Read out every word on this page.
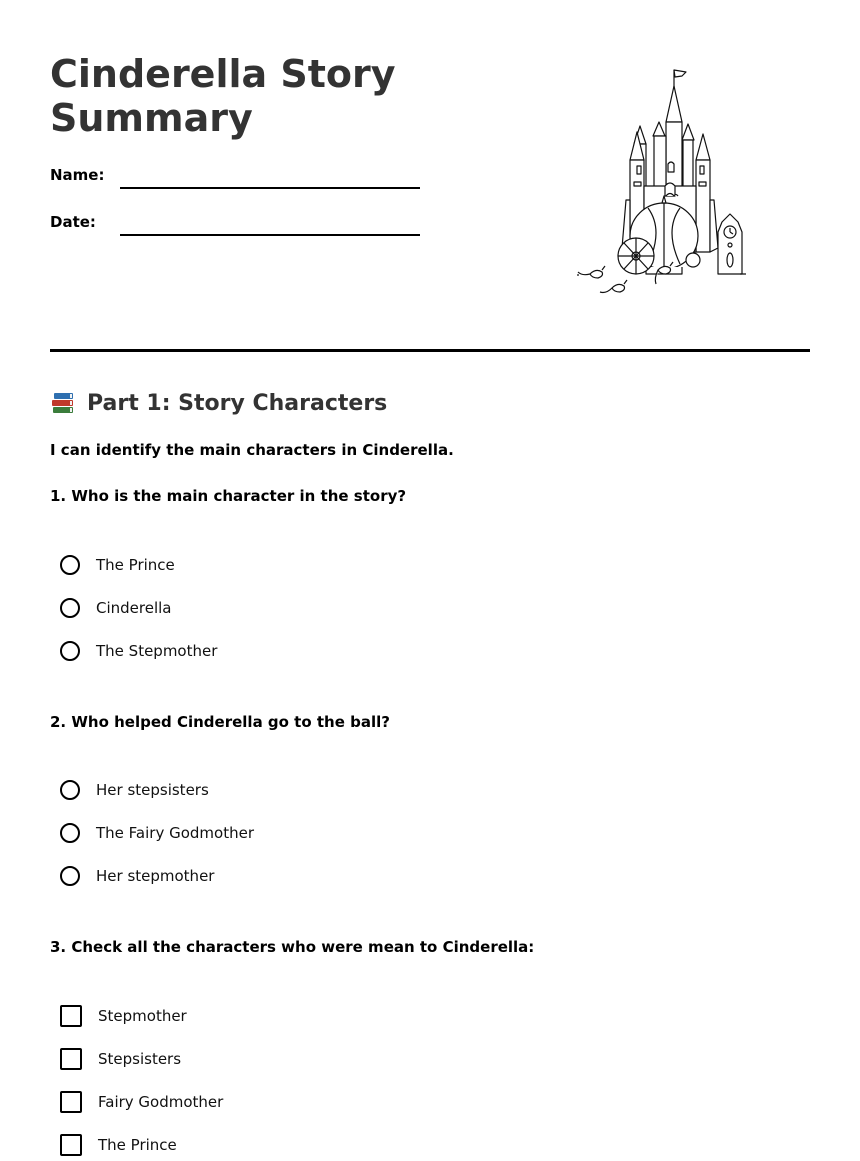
Cinderella Story Summary
Name:
Date:
Part 1: Story Characters
I can identify the main characters in Cinderella.
1. Who is the main character in the story?
The Prince
Cinderella
The Stepmother
2. Who helped Cinderella go to the ball?
Her stepsisters
The Fairy Godmother
Her stepmother
3. Check all the characters who were mean to Cinderella:
Stepmother
Stepsisters
Fairy Godmother
The Prince
